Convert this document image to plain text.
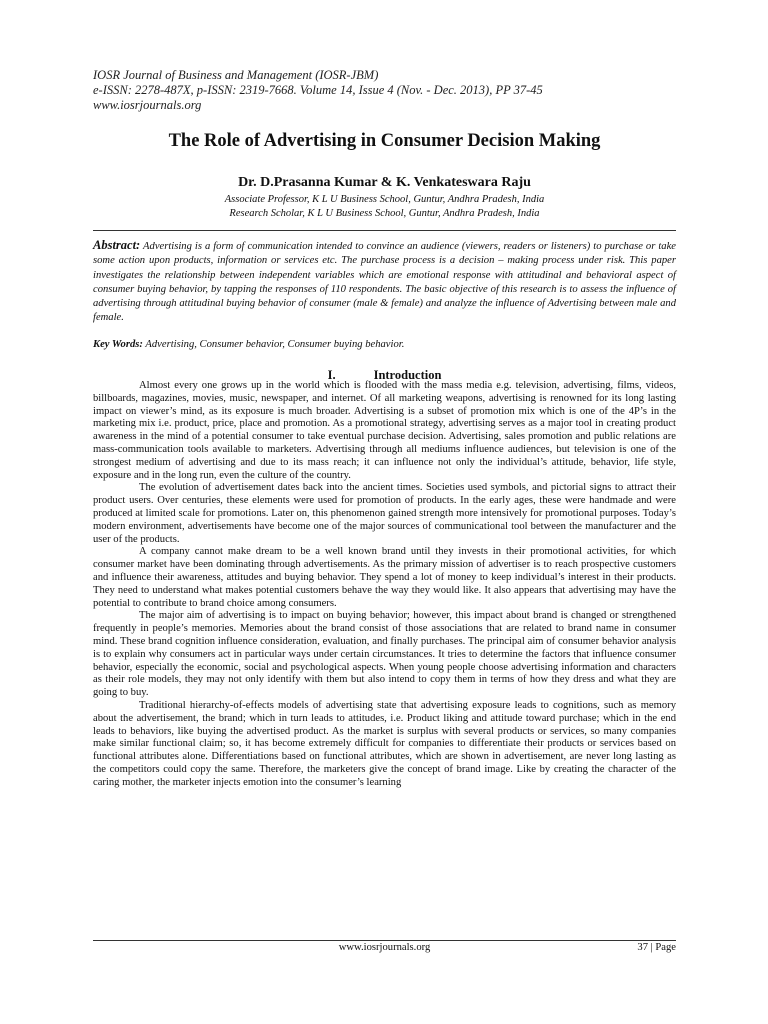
IOSR Journal of Business and Management (IOSR-JBM)
e-ISSN: 2278-487X, p-ISSN: 2319-7668. Volume 14, Issue 4 (Nov. - Dec. 2013), PP 37-45
www.iosrjournals.org
The Role of Advertising in Consumer Decision Making
Dr. D.Prasanna Kumar & K. Venkateswara Raju
Associate Professor, K L U Business School, Guntur, Andhra Pradesh, India
Research Scholar, K L U Business School, Guntur, Andhra Pradesh, India
Abstract: Advertising is a form of communication intended to convince an audience (viewers, readers or listeners) to purchase or take some action upon products, information or services etc. The purchase process is a decision – making process under risk. This paper investigates the relationship between independent variables which are emotional response with attitudinal and behavioral aspect of consumer buying behavior, by tapping the responses of 110 respondents. The basic objective of this research is to assess the influence of advertising through attitudinal buying behavior of consumer (male & female) and analyze the influence of Advertising between male and female.
Key Words: Advertising, Consumer behavior, Consumer buying behavior.
I.	Introduction

Almost every one grows up in the world which is flooded with the mass media e.g. television, advertising, films, videos, billboards, magazines, movies, music, newspaper, and internet. Of all marketing weapons, advertising is renowned for its long lasting impact on viewer’s mind, as its exposure is much broader. Advertising is a subset of promotion mix which is one of the 4P’s in the marketing mix i.e. product, price, place and promotion. As a promotional strategy, advertising serves as a major tool in creating product awareness in the mind of a potential consumer to take eventual purchase decision. Advertising, sales promotion and public relations are mass-communication tools available to marketers. Advertising through all mediums influence audiences, but television is one of the strongest medium of advertising and due to its mass reach; it can influence not only the individual’s attitude, behavior, life style, exposure and in the long run, even the culture of the country.

The evolution of advertisement dates back into the ancient times. Societies used symbols, and pictorial signs to attract their product users. Over centuries, these elements were used for promotion of products. In the early ages, these were handmade and were produced at limited scale for promotions. Later on, this phenomenon gained strength more intensively for promotional purposes. Today’s modern environment, advertisements have become one of the major sources of communicational tool between the manufacturer and the user of the products.

A company cannot make dream to be a well known brand until they invests in their promotional activities, for which consumer market have been dominating through advertisements. As the primary mission of advertiser is to reach prospective customers and influence their awareness, attitudes and buying behavior. They spend a lot of money to keep individual’s interest in their products. They need to understand what makes potential customers behave the way they would like. It also appears that advertising may have the potential to contribute to brand choice among consumers.

The major aim of advertising is to impact on buying behavior; however, this impact about brand is changed or strengthened frequently in people’s memories. Memories about the brand consist of those associations that are related to brand name in consumer mind. These brand cognition influence consideration, evaluation, and finally purchases. The principal aim of consumer behavior analysis is to explain why consumers act in particular ways under certain circumstances. It tries to determine the factors that influence consumer behavior, especially the economic, social and psychological aspects. When young people choose advertising information and characters as their role models, they may not only identify with them but also intend to copy them in terms of how they dress and what they are going to buy.

Traditional hierarchy-of-effects models of advertising state that advertising exposure leads to cognitions, such as memory about the advertisement, the brand; which in turn leads to attitudes, i.e. Product liking and attitude toward purchase; which in the end leads to behaviors, like buying the advertised product. As the market is surplus with several products or services, so many companies make similar functional claim; so, it has become extremely difficult for companies to differentiate their products or services based on functional attributes alone. Differentiations based on functional attributes, which are shown in advertisement, are never long lasting as the competitors could copy the same. Therefore, the marketers give the concept of brand image. Like by creating the character of the caring mother, the marketer injects emotion into the consumer’s learning

www.iosrjournals.org	37 | Page
